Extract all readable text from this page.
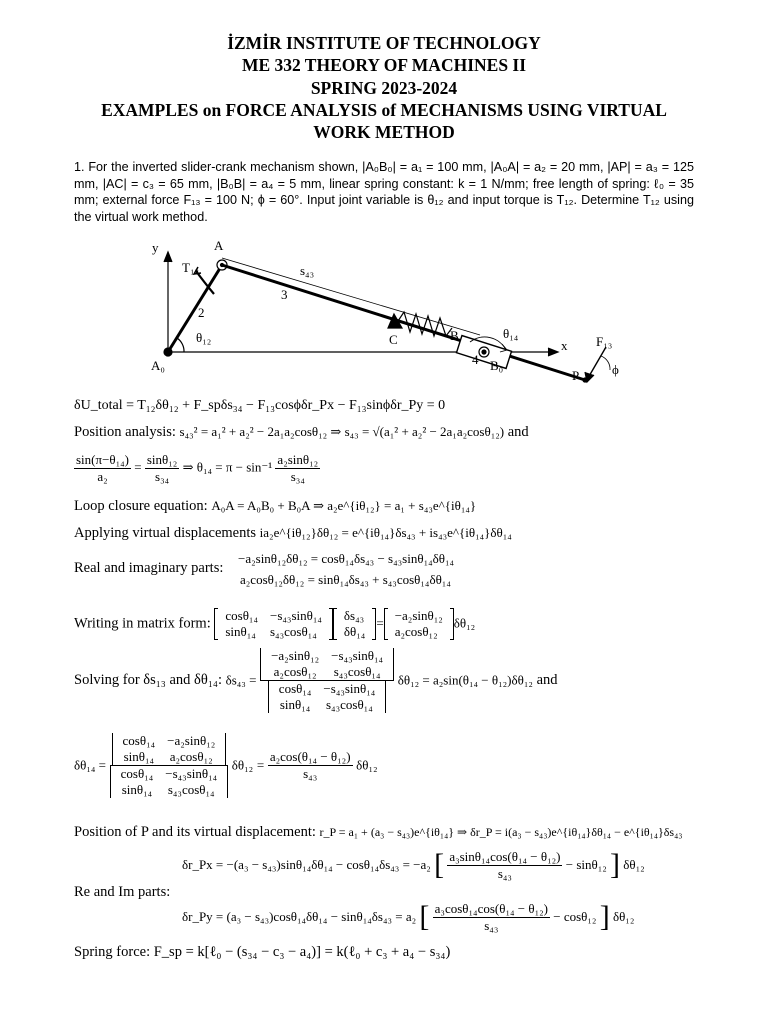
İZMİR INSTITUTE OF TECHNOLOGY
ME 332 THEORY OF MACHINES II
SPRING 2023-2024
EXAMPLES on FORCE ANALYSIS of MECHANISMS USING VIRTUAL
WORK METHOD
1. For the inverted slider-crank mechanism shown, |A₀B₀| = a₁ = 100 mm, |A₀A| = a₂ = 20 mm, |AP| = a₃ = 125 mm, |AC| = c₃ = 65 mm, |B₀B| = a₄ = 5 mm, linear spring constant: k = 1 N/mm; free length of spring: ℓ₀ = 35 mm; external force F₁₃ = 100 N; ϕ = 60°. Input joint variable is θ₁₂ and input torque is T₁₂. Determine T₁₂ using the virtual work method.
y	A
T₁₂	s₄₃
3
2
θ₁₂
A₀
C	B	θ₁₄
4 B₀
x F₁₃
P	ϕ
δU_total = T₁₂δθ₁₂ + F_spδs₃₄ − F₁₃cosϕδr_Px − F₁₃sinϕδr_Py = 0
Position analysis: s₄₃² = a₁² + a₂² − 2a₁a₂cosθ₁₂ ⇒ s₄₃ = √(a₁² + a₂² − 2a₁a₂cosθ₁₂) and
$\frac{\text{sin(π−θ₁₄)}}{\text{a₂}} = \frac{\text{sinθ₁₂}}{\text{s₃₄}}$ ⇒ $\theta_{14} = \pi - \sin^{-1} \frac{\text{a₂sinθ₁₂}}{\text{s₃₄}}$
Loop closure equation: A₀A = A₀B₀ + B₀A ⇒ a₂e^{iθ₁₂} = a₁ + s₄₃e^{iθ₁₄}
Applying virtual displacements ia₂e^{iθ₁₂}δθ₁₂ = e^{iθ₁₄}δs₄₃ + is₄₃e^{iθ₁₄}δθ₁₄
Real and imaginary parts:
−a₂sinθ₁₂δθ₁₂ = cosθ₁₄δs₄₃ − s₄₃sinθ₁₄δθ₁₄
a₂cosθ₁₂δθ₁₂ = sinθ₁₄δs₄₃ + s₄₃cosθ₁₄δθ₁₄
Writing in matrix form: cosθ₁₄	−s₄₃sinθ₁₄
sinθ₁₄	s₄₃cosθ₁₄
δs₄₃
δθ₁₄
= −a₂sinθ₁₂
a₂cosθ₁₂
δθ₁₂
Solving for δs₁₃ and δθ₁₄: δs₄₃ = −a₂sinθ₁₂	−s₄₃sinθ₁₄
a₂cosθ₁₂	s₄₃cosθ₁₄
cosθ₁₄	−s₄₃sinθ₁₄
sinθ₁₄	s₄₃cosθ₁₄ δθ₁₂ = a₂sin(θ₁₄ − θ₁₂)δθ₁₂ and
δθ₁₄ = cosθ₁₄	−a₂sinθ₁₂
sinθ₁₄	a₂cosθ₁₂
cosθ₁₄	−s₄₃sinθ₁₄
sinθ₁₄	s₄₃cosθ₁₄ $\delta\theta_{12} = \frac{\text{a₂cos(θ₁₄ − θ₁₂)}}{\text{s₄₃}} \delta\theta_{12}$
Position of P and its virtual displacement: r_P = a₁ + (a₃ − s₄₃)e^{iθ₁₄} ⇒ δr_P = i(a₃ − s₄₃)e^{iθ₁₄}δθ₁₄ − e^{iθ₁₄}δs₄₃
δr_Px = −(a₃ − s₄₃)sinθ₁₄δθ₁₄ − cosθ₁₄δs₄₃ = −a₂ [ $\frac{\text{a₃sinθ₁₄cos(θ₁₄ − θ₁₂)}}{\text{s₄₃}} - \sin\theta_{12}$ ] δθ₁₂
Re and Im parts:
δr_Py = (a₃ − s₄₃)cosθ₁₄δθ₁₄ − sinθ₁₄δs₄₃ = a₂ [ $\frac{\text{a₃cosθ₁₄cos(θ₁₄ − θ₁₂)}}{\text{s₄₃}} - \cos\theta_{12}$ ] δθ₁₂
Spring force: F_sp = k[ℓ₀ − (s₃₄ − c₃ − a₄)] = k(ℓ₀ + c₃ + a₄ − s₃₄)
